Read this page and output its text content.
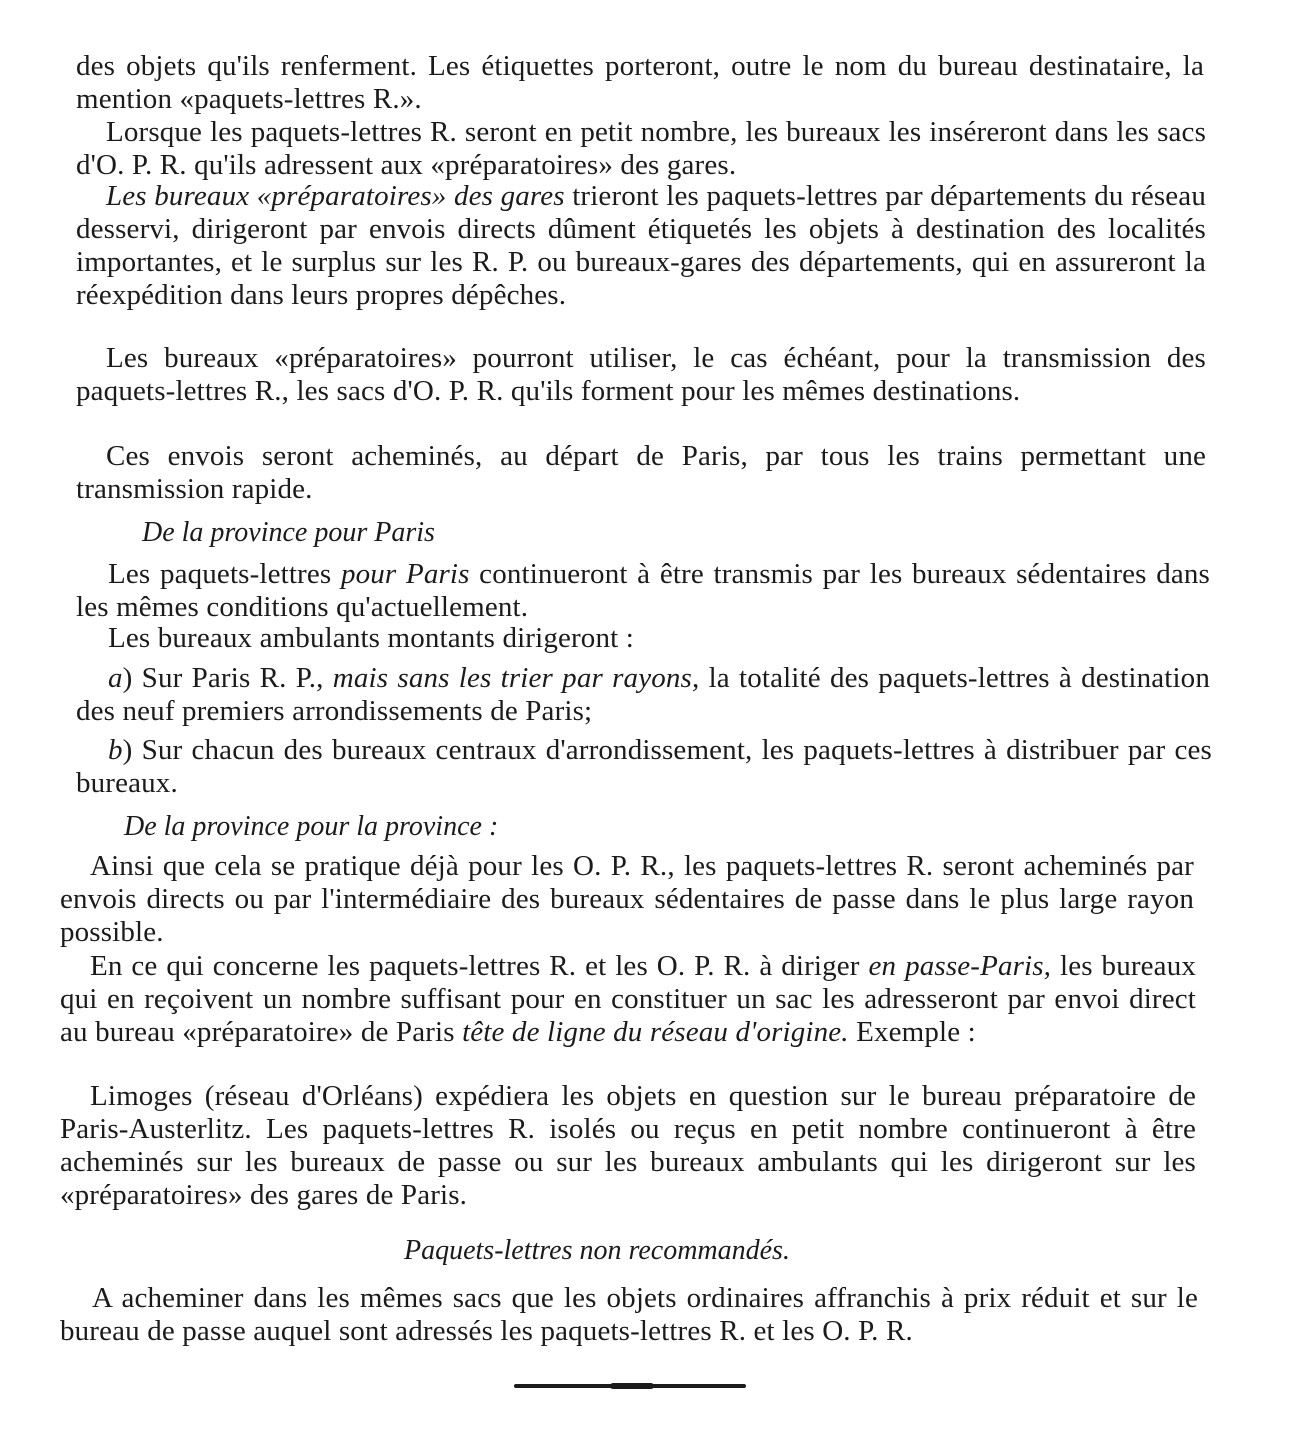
des objets qu'ils renferment. Les étiquettes porteront, outre le nom du bureau destinataire, la mention «paquets-lettres R.».
Lorsque les paquets-lettres R. seront en petit nombre, les bureaux les inséreront dans les sacs d'O. P. R. qu'ils adressent aux «préparatoires» des gares.
Les bureaux «préparatoires» des gares trieront les paquets-lettres par départements du réseau desservi, dirigeront par envois directs dûment étiquetés les objets à destination des localités importantes, et le surplus sur les R. P. ou bureaux-gares des départements, qui en assureront la réexpédition dans leurs propres dépêches.
Les bureaux «préparatoires» pourront utiliser, le cas échéant, pour la transmission des paquets-lettres R., les sacs d'O. P. R. qu'ils forment pour les mêmes destinations.
Ces envois seront acheminés, au départ de Paris, par tous les trains permettant une transmission rapide.
De la province pour Paris
Les paquets-lettres pour Paris continueront à être transmis par les bureaux sédentaires dans les mêmes conditions qu'actuellement.
Les bureaux ambulants montants dirigeront :
a) Sur Paris R. P., mais sans les trier par rayons, la totalité des paquets-lettres à destination des neuf premiers arrondissements de Paris;
b) Sur chacun des bureaux centraux d'arrondissement, les paquets-lettres à distribuer par ces bureaux.
De la province pour la province :
Ainsi que cela se pratique déjà pour les O. P. R., les paquets-lettres R. seront acheminés par envois directs ou par l'intermédiaire des bureaux sédentaires de passe dans le plus large rayon possible.
En ce qui concerne les paquets-lettres R. et les O. P. R. à diriger en passe-Paris, les bureaux qui en reçoivent un nombre suffisant pour en constituer un sac les adresseront par envoi direct au bureau «préparatoire» de Paris tête de ligne du réseau d'origine. Exemple :
Limoges (réseau d'Orléans) expédiera les objets en question sur le bureau préparatoire de Paris-Austerlitz. Les paquets-lettres R. isolés ou reçus en petit nombre continueront à être acheminés sur les bureaux de passe ou sur les bureaux ambulants qui les dirigeront sur les «préparatoires» des gares de Paris.
Paquets-lettres non recommandés.
A acheminer dans les mêmes sacs que les objets ordinaires affranchis à prix réduit et sur le bureau de passe auquel sont adressés les paquets-lettres R. et les O. P. R.
